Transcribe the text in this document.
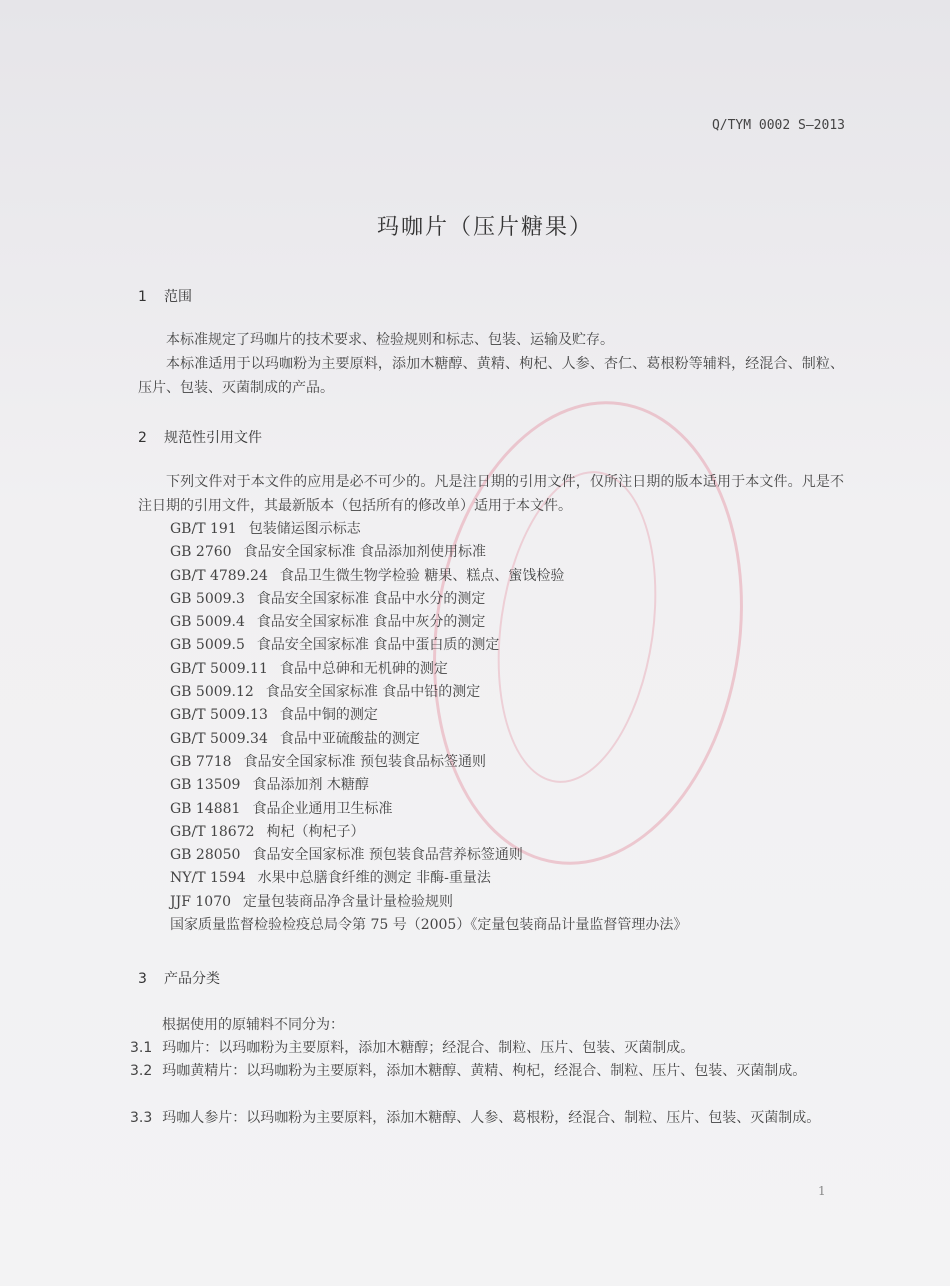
Q/TYM 0002 S—2013
玛咖片（压片糖果）
1 范围
本标准规定了玛咖片的技术要求、检验规则和标志、包装、运输及贮存。
本标准适用于以玛咖粉为主要原料，添加木糖醇、黄精、枸杞、人参、杏仁、葛根粉等辅料，经混合、制粒、压片、包装、灭菌制成的产品。
2 规范性引用文件
下列文件对于本文件的应用是必不可少的。凡是注日期的引用文件，仅所注日期的版本适用于本文件。凡是不注日期的引用文件，其最新版本（包括所有的修改单）适用于本文件。
GB/T 191 包装储运图示标志
GB 2760 食品安全国家标准 食品添加剂使用标准
GB/T 4789.24 食品卫生微生物学检验 糖果、糕点、蜜饯检验
GB 5009.3 食品安全国家标准 食品中水分的测定
GB 5009.4 食品安全国家标准 食品中灰分的测定
GB 5009.5 食品安全国家标准 食品中蛋白质的测定
GB/T 5009.11 食品中总砷和无机砷的测定
GB 5009.12 食品安全国家标准 食品中铅的测定
GB/T 5009.13 食品中铜的测定
GB/T 5009.34 食品中亚硫酸盐的测定
GB 7718 食品安全国家标准 预包装食品标签通则
GB 13509 食品添加剂 木糖醇
GB 14881 食品企业通用卫生标准
GB/T 18672 枸杞（枸杞子）
GB 28050 食品安全国家标准 预包装食品营养标签通则
NY/T 1594 水果中总膳食纤维的测定 非酶-重量法
JJF 1070 定量包装商品净含量计量检验规则
国家质量监督检验检疫总局令第 75 号（2005）《定量包装商品计量监督管理办法》
3 产品分类
根据使用的原辅料不同分为：
3.1 玛咖片：以玛咖粉为主要原料，添加木糖醇；经混合、制粒、压片、包装、灭菌制成。
3.2 玛咖黄精片：以玛咖粉为主要原料，添加木糖醇、黄精、枸杞，经混合、制粒、压片、包装、灭菌制成。
3.3 玛咖人参片：以玛咖粉为主要原料，添加木糖醇、人参、葛根粉，经混合、制粒、压片、包装、灭菌制成。
1
